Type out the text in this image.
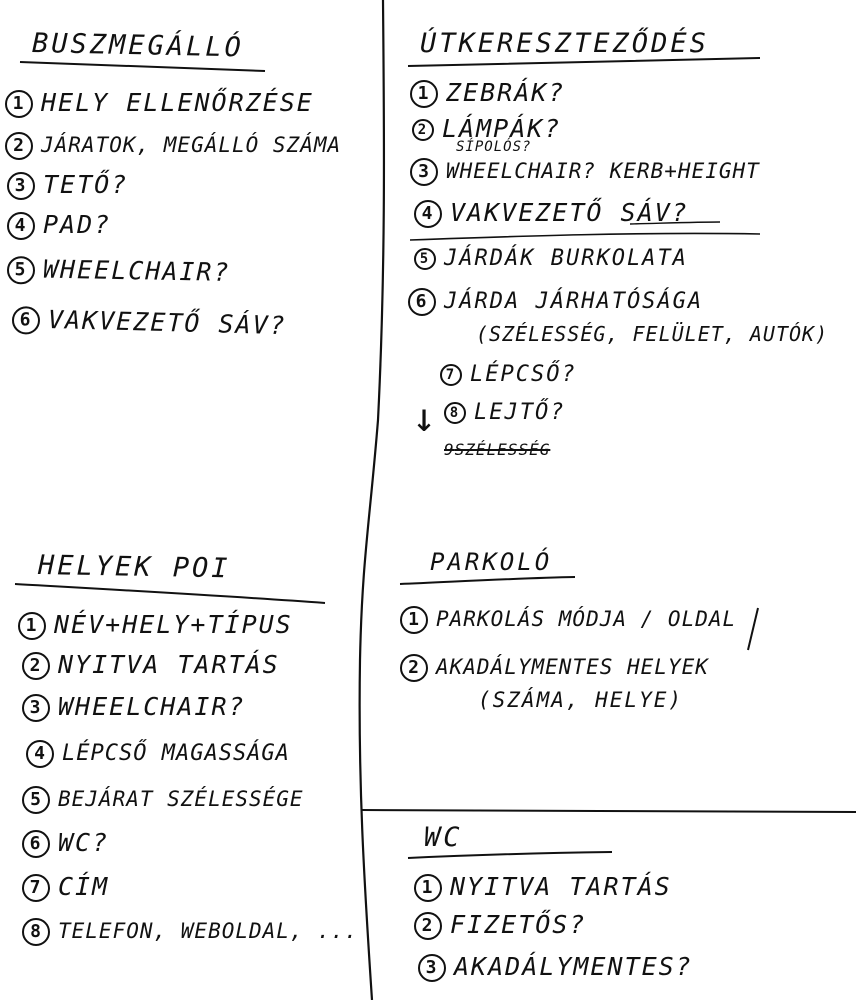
BUSZMEGÁLLÓ
1 HELY ELLENŐRZÉSE
2 JÁRATOK, MEGÁLLÓ SZÁMA
3 TETŐ?
4 PAD?
5 WHEELCHAIR?
6 VAKVEZETŐ SÁV?
ÚTKERESZTEZŐDÉS
1 ZEBRÁK?
2 LÁMPÁK?
SÍPOLÓS?
3 WHEELCHAIR? KERB+HEIGHT
4 VAKVEZETŐ SÁV?
5 JÁRDÁK BURKOLATA
6 JÁRDA JÁRHATÓSÁGA
(SZÉLESSÉG, FELÜLET, AUTÓK)
7 LÉPCSŐ?
↓ 8 LEJTŐ?
9SZÉLESSÉG
HELYEK POI
1 NÉV+HELY+TÍPUS
2 NYITVA TARTÁS
3 WHEELCHAIR?
4 LÉPCSŐ MAGASSÁGA
5 BEJÁRAT SZÉLESSÉGE
6 WC?
7 CÍM
8 TELEFON, WEBOLDAL, ...
PARKOLÓ
1 PARKOLÁS MÓDJA / OLDAL
2 AKADÁLYMENTES HELYEK
(SZÁMA, HELYE)
WC
1 NYITVA TARTÁS
2 FIZETŐS?
3 AKADÁLYMENTES?
